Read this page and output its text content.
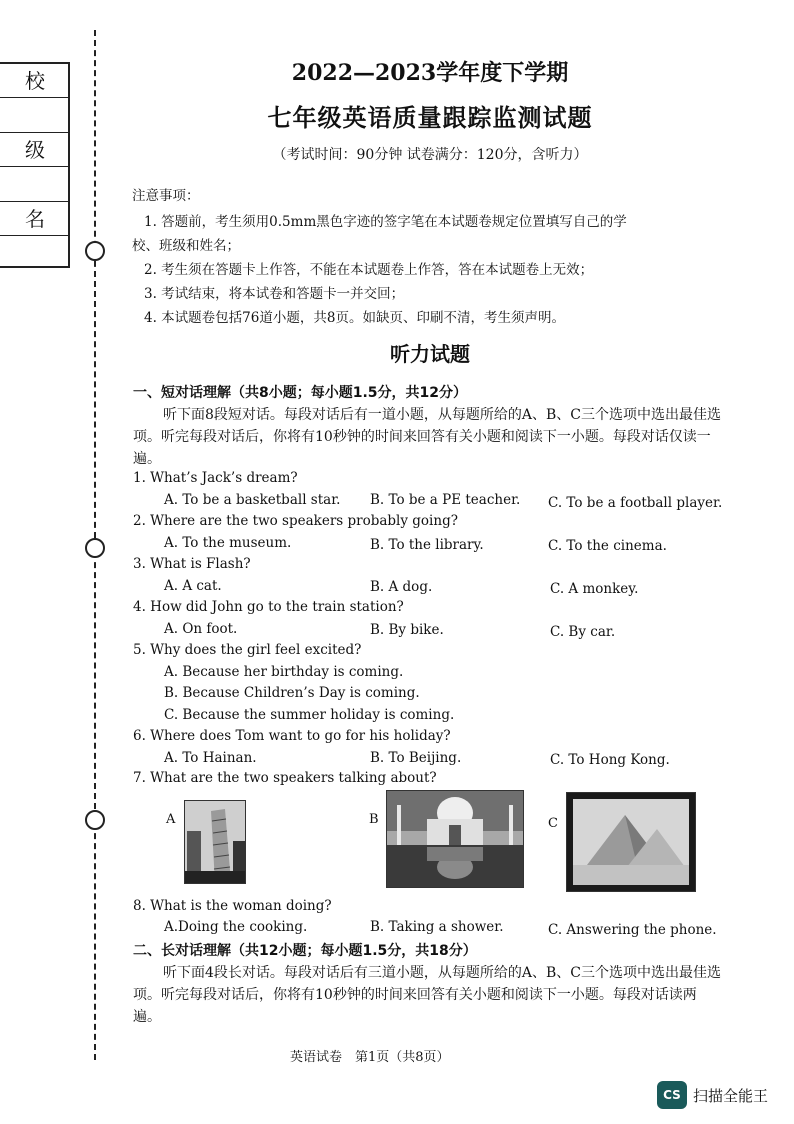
校
级
名
2022—2023学年度下学期
七年级英语质量跟踪监测试题
（考试时间：90分钟 试卷满分：120分，含听力）
注意事项：
1. 答题前，考生须用0.5mm黑色字迹的签字笔在本试题卷规定位置填写自己的学
校、班级和姓名；
2. 考生须在答题卡上作答，不能在本试题卷上作答，答在本试题卷上无效；
3. 考试结束，将本试卷和答题卡一并交回；
4. 本试题卷包括76道小题，共8页。如缺页、印刷不清，考生须声明。
听力试题
一、短对话理解（共8小题；每小题1.5分，共12分）
听下面8段短对话。每段对话后有一道小题，从每题所给的A、B、C三个选项中选出最佳选项。听完每段对话后，你将有10秒钟的时间来回答有关小题和阅读下一小题。每段对话仅读一遍。
1. What’s Jack’s dream?
A. To be a basketball star. B. To be a PE teacher. C. To be a football player.
2. Where are the two speakers probably going?
A. To the museum.	B. To the library.	C. To the cinema.
3. What is Flash?
A. A cat.	B. A dog.	C. A monkey.
4. How did John go to the train station?
A. On foot.	B. By bike.	C. By car.
5. Why does the girl feel excited?
A. Because her birthday is coming.
B. Because Children’s Day is coming.
C. Because the summer holiday is coming.
6. Where does Tom want to go for his holiday?
A. To Hainan.	B. To Beijing.	C. To Hong Kong.
7. What are the two speakers talking about?
A	B	C
8. What is the woman doing?
A.Doing the cooking.	B. Taking a shower.	C. Answering the phone.
二、长对话理解（共12小题；每小题1.5分，共18分）
听下面4段长对话。每段对话后有三道小题，从每题所给的A、B、C三个选项中选出最佳选项。听完每段对话后，你将有10秒钟的时间来回答有关小题和阅读下一小题。每段对话读两遍。
英语试卷　第1页（共8页）
CS 扫描全能王
